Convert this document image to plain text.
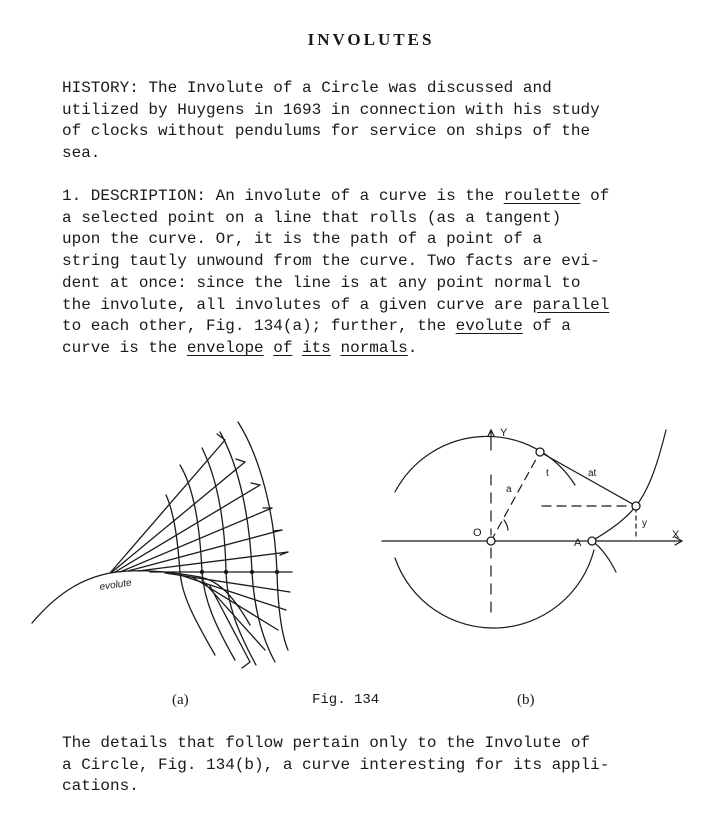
INVOLUTES
HISTORY: The Involute of a Circle was discussed and
utilized by Huygens in 1693 in connection with his study
of clocks without pendulums for service on ships of the
sea.
1. DESCRIPTION: An involute of a curve is the roulette of
a selected point on a line that rolls (as a tangent)
upon the curve. Or, it is the path of a point of a
string tautly unwound from the curve. Two facts are evi-
dent at once: since the line is at any point normal to
the involute, all involutes of a given curve are parallel
to each other, Fig. 134(a); further, the evolute of a
curve is the envelope of its normals.
evolute
Y
X
O
A
a
at
t
y
(a)	Fig. 134	(b)
The details that follow pertain only to the Involute of
a Circle, Fig. 134(b), a curve interesting for its appli-
cations.
